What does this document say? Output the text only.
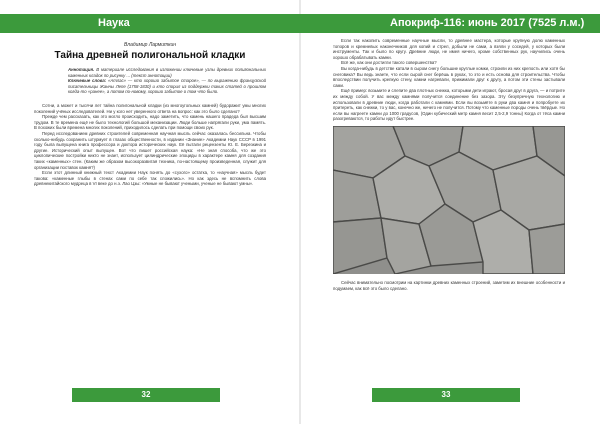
Наука	Апокриф-116: июнь 2017 (7525 л.м.)
Владимир Лармиткин
Тайна древней полигональной кладки
Аннотация. В материале исследования в изложении ключевые узлы древних полигональных каменных кладок по рисунку ... (текст аннотации)
Ключевые слова: «Атлас» — кто хорошо забытое старое», — по выражению французской писательницы Жанны Лепе (1758-1830) и кто спорил из поддержки таких статей о прошлом когда-то «ранее», а потом по-новому, хорошо забытое о том что было.

Сотни, а может и тысячи лет тайна полигональной кладки (из многоугольных камней) будоражит умы многих поколений учёных исследователей. Ни у кого нет уверенного ответа на вопрос: как это было сделано?

Прежде чем рассказать, как это могло происходить, надо заметить, что камень нашего прадеда был высшим трудом. В те времена ещё не было технологий большой механизации. Люди больше напрягали руки, ума память. В похожих были времена многих поколений, приходилось сделать при помощи своих рук.

Перед исследованием древних строителей современная научная мысль сейчас оказалась бессильна. Чтобы сколько-нибудь сохранить штурмует в глазах общественности, в издании «Знание» Академии Наук СССР в 1991 году была выпущена книга профессора и доктора исторических наук. Её пытали рецензенты Ю. Е. Березкина и другие. Исторический опыт выпущен. Вот что пишет российская наука: «Не зная способа, что же это циклопические постройки никто не знает, использует цилиндрические эпоциды в характере камня для создания таких «каменных» стен. (Каким же образом высокоразвитая техника, по-настоящему произведенная, служит для организации поставок камня?)

Если этот длинный книжный текст Академии Наук понять до «сухого» остатка, то «научная» мысль будет такова: «каменные глыбы в стенах сами по себе так сложились». Но как здесь не вспомнить слова древнекитайского мудреца в VI веке до н.э. Лао Цзы: «Умные не бывают учеными, ученые не бывают умны».

Если так накопить современные научные мысли, то древнее мастера, которые крупную долю каменных топоров и кремневых наконечников для копий и стрел, добыли не сами, а взяли у соседей, у которых были инструменты. Так и было по кругу. Древние люди, не имея ничего, кроме собственных рук, научились очень хорошо обрабатывать камни.

Всё же, как они достигли такого совершенства?

Вы когда-нибудь в детстве катали в сыром снегу большие круглые комки, строили из них крепость или хотя бы снеговика? Вы ведь знаете, что если сырой снег берёшь в руках, то это и есть основа для строительства. Чтобы впоследствии получить крепкую стену, камни нагревали, прижимали друг к другу, а потом эти стены застывали сами.

Ещё пример: возьмите и слепите два плотных снежка, которыми дети играют, бросая друг в друга, — и потрите их между собой. У вас между камнями получится соединение без зазора. Эту безупречную технологию и использовали в древние люди, когда работали с камнями. Если вы возьмёте в руки два камня и попробуете их притереть, как снежки, то у вас, конечно же, ничего не получится. Потому что каменные породы очень твёрдые. Но если вы нагреете камни до 1000 градусов, (Один кубический метр камня весит 2,5-2,9 тонны) Когда от тёса камни разогреваются, то работы идут быстрее.

Сейчас внимательно посмотрим на картинки древних каменных строений, заметим их внешние особенности и подумаем, как всё это было сделано.

32	33
